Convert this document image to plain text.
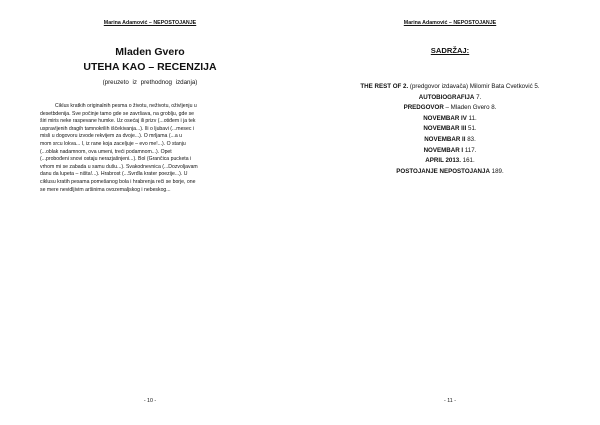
Marina Adamović – NEPOSTOJANJE
Mladen Gvero
UTEHA KAO – RECENZIJA
(preuzeto iz prethodnog izdanja)
Ciklus kratkih originalnih pesma o životu, neživotu, oživljenju u
desetbdenija. Sve počinje tamo gde se završava, na groblju, gde se
širi miris neke raspevane humke. Uz osećaj ili prizv (...otiđem i ja tek
uspravljenih dragih tamnokrilih iščekivanja...). Ili o ljubavi (...mesec i
misli u dogovoru izvode rekvijem za dvoje...). O mrljama (...a u
mom srcu lokva... I, iz rane koja zaceljuje – evo me!...). O stanju
(...oblak nadamnom, ova umeni, treći podamnom...). Opet
(...probođeni snovi ostaju nerazjašnjeni...). Bol (Grančica pucketa i
vrhom mi se zabada u samu dušu...). Svakodnevnica (...Dozvoljavam
danu da lupeta – ništa!...). Hrabrost (...Svrđla krater poezije...). U
ciklusu kratih pesama pomešanog bola i hrabrenja reči se borje, one
se mere nevidljivim aršinima ovozemaljskog i nebeskog...
- 10 -
Marina Adamović – NEPOSTOJANJE
SADRŽAJ:
THE REST OF 2. (predgovor izdavača) Milomir Bata Cvetković 5.
AUTOBIOGRAFIJA 7.
PREDGOVOR – Mladen Gvero 8.
NOVEMBAR IV 11.
NOVEMBAR III 51.
NOVEMBAR II 83.
NOVEMBAR I 117.
APRIL 2013. 161.
POSTOJANJE NEPOSTOJANJA 189.
- 11 -
